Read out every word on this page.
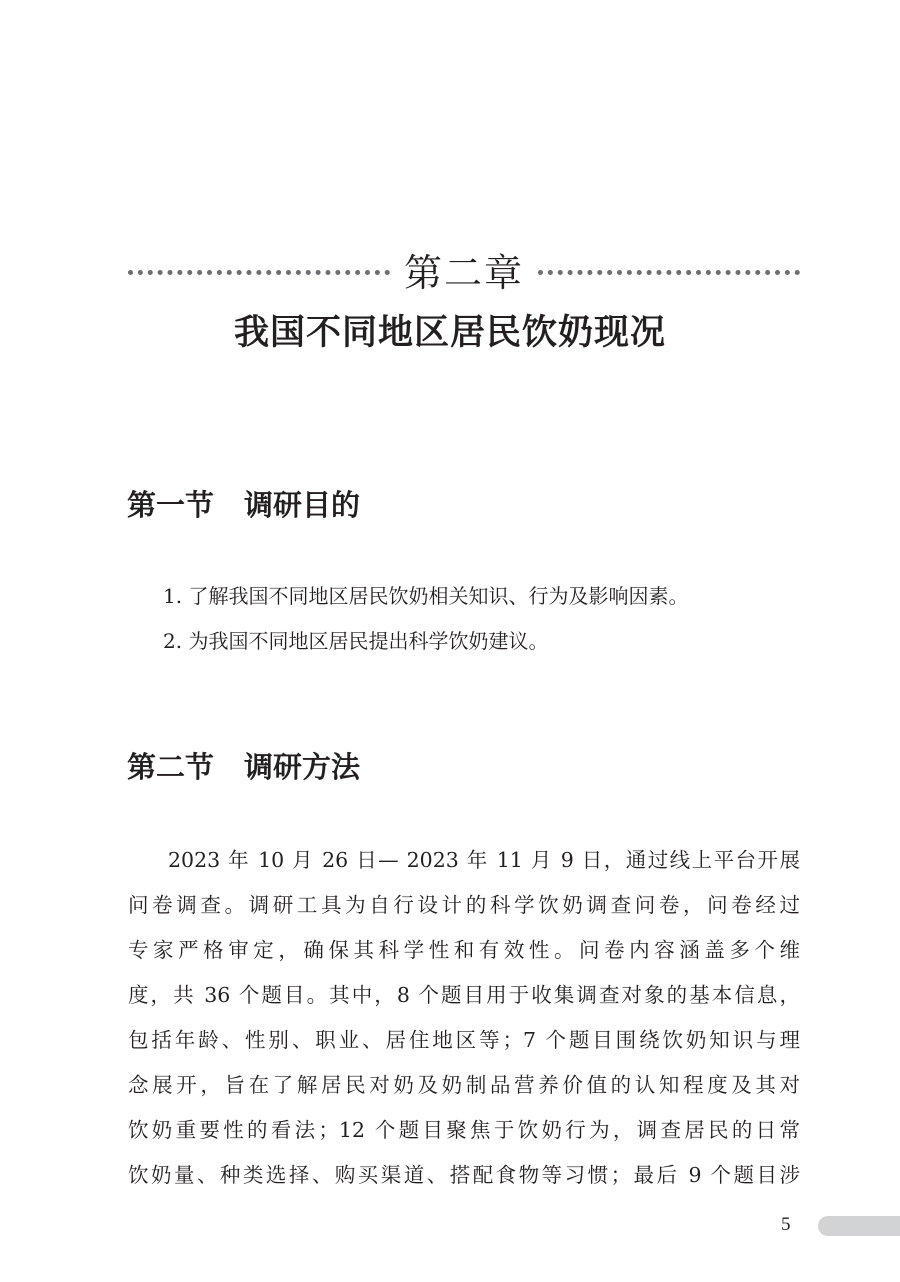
第二章
我国不同地区居民饮奶现况
第一节 调研目的
1. 了解我国不同地区居民饮奶相关知识、行为及影响因素。
2. 为我国不同地区居民提出科学饮奶建议。
第二节 调研方法
2023 年 10 月 26 日— 2023 年 11 月 9 日，通过线上平台开展
问卷调查。调研工具为自行设计的科学饮奶调查问卷，问卷经过
专家严格审定，确保其科学性和有效性。问卷内容涵盖多个维
度，共 36 个题目。其中，8 个题目用于收集调查对象的基本信息，
包括年龄、性别、职业、居住地区等；7 个题目围绕饮奶知识与理
念展开，旨在了解居民对奶及奶制品营养价值的认知程度及其对
饮奶重要性的看法；12 个题目聚焦于饮奶行为，调查居民的日常
饮奶量、种类选择、购买渠道、搭配食物等习惯；最后 9 个题目涉
5
